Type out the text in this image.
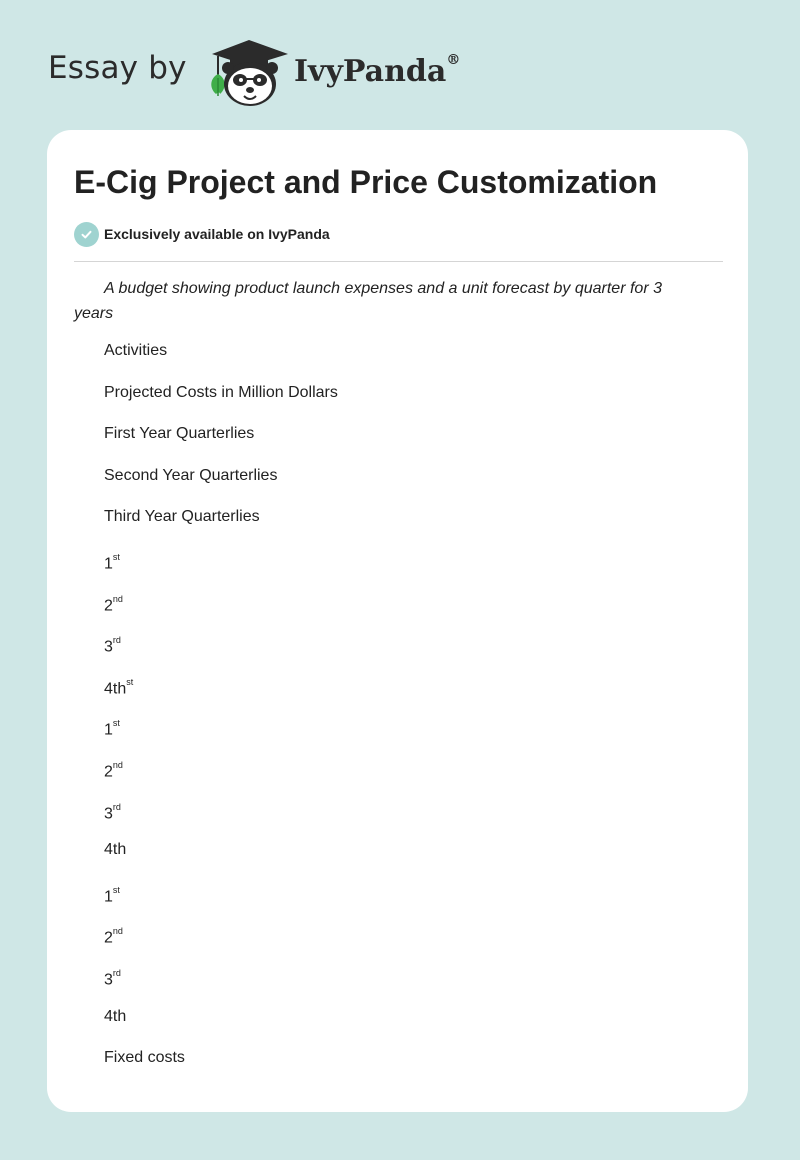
Essay by	IvyPanda®
E-Cig Project and Price Customization
Exclusively available on IvyPanda

A budget showing product launch expenses and a unit forecast by quarter for 3 years

Activities
Projected Costs in Million Dollars
First Year Quarterlies
Second Year Quarterlies
Third Year Quarterlies
1st
2nd
3rd
$4th^{st}$
1st
2nd
3rd
4th
1st
2nd
3rd
4th
Fixed costs
